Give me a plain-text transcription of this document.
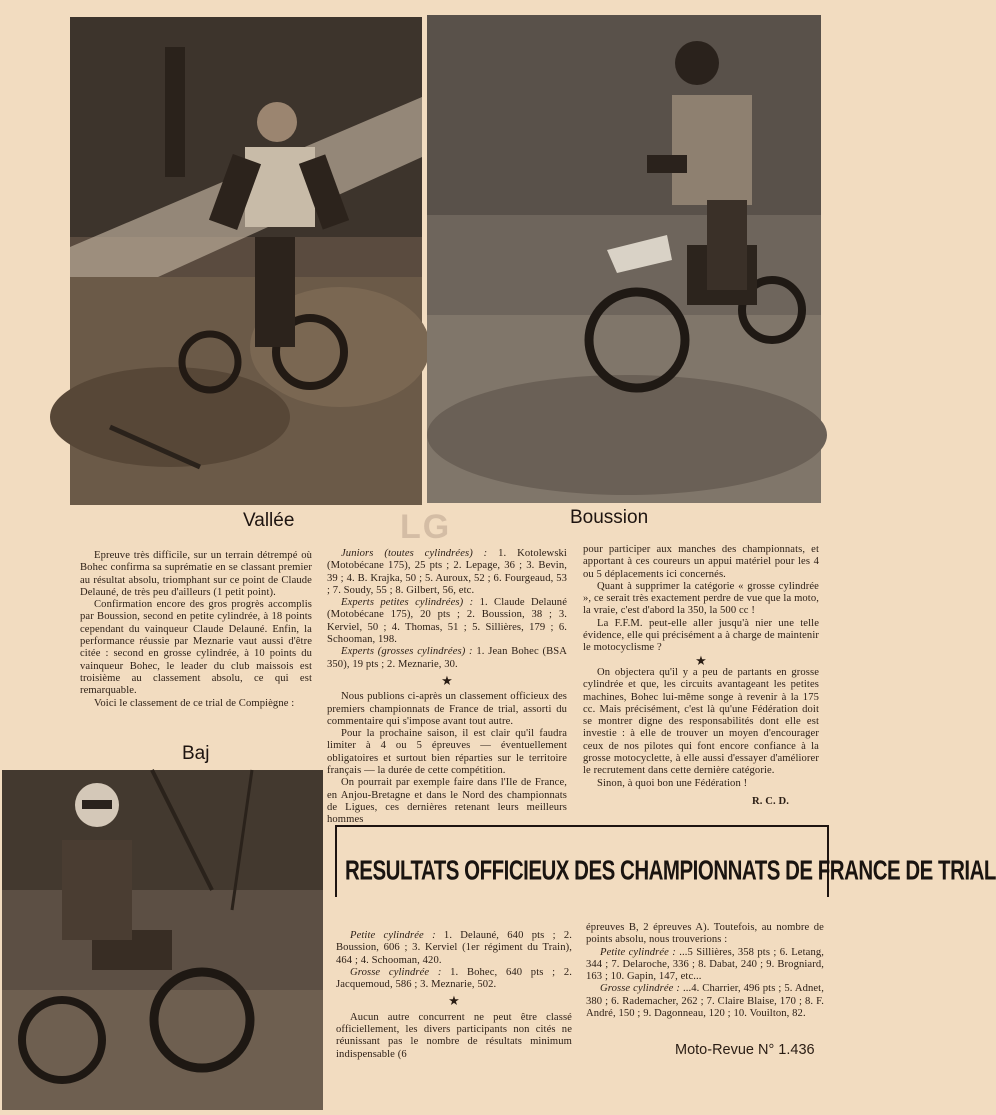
Vallée	Boussion
LG

Epreuve très difficile, sur un terrain détrempé où Bohec confirma sa suprématie en se classant premier au résultat absolu, triomphant sur ce point de Claude Delauné, de très peu d'ailleurs (1 petit point).

Confirmation encore des gros progrès accomplis par Boussion, second en petite cylindrée, à 18 points cependant du vainqueur Claude Delauné. Enfin, la performance réussie par Meznarie vaut aussi d'être citée : second en grosse cylindrée, à 10 points du vainqueur Bohec, le leader du club maissois est troisième au classement absolu, ce qui est remarquable.

Voici le classement de ce trial de Compiègne :

Baj

Juniors (toutes cylindrées) : 1. Kotolewski (Motobécane 175), 25 pts ; 2. Lepage, 36 ; 3. Bevin, 39 ; 4. B. Krajka, 50 ; 5. Auroux, 52 ; 6. Fourgeaud, 53 ; 7. Soudy, 55 ; 8. Gilbert, 56, etc.

Experts petites cylindrées) : 1. Claude Delauné (Motobécane 175), 20 pts ; 2. Boussion, 38 ; 3. Kerviel, 50 ; 4. Thomas, 51 ; 5. Sillières, 179 ; 6. Schooman, 198.

Experts (grosses cylindrées) : 1. Jean Bohec (BSA 350), 19 pts ; 2. Meznarie, 30.

★

Nous publions ci-après un classement officieux des premiers championnats de France de trial, assorti du commentaire qui s'impose avant tout autre.

Pour la prochaine saison, il est clair qu'il faudra limiter à 4 ou 5 épreuves — éventuellement obligatoires et surtout bien réparties sur le territoire français — la durée de cette compétition.

On pourrait par exemple faire dans l'Ile de France, en Anjou-Bretagne et dans le Nord des championnats de Ligues, ces dernières retenant leurs meilleurs hommes

pour participer aux manches des championnats, et apportant à ces coureurs un appui matériel pour les 4 ou 5 déplacements ici concernés.

Quant à supprimer la catégorie « grosse cylindrée », ce serait très exactement perdre de vue que la moto, la vraie, c'est d'abord la 350, la 500 cc !

La F.F.M. peut-elle aller jusqu'à nier une telle évidence, elle qui précisément a à charge de maintenir le motocyclisme ?

★

On objectera qu'il y a peu de partants en grosse cylindrée et que, les circuits avantageant les petites machines, Bohec lui-même songe à revenir à la 175 cc. Mais précisément, c'est là qu'une Fédération doit se montrer digne des responsabilités dont elle est investie : à elle de trouver un moyen d'encourager ceux de nos pilotes qui font encore confiance à la grosse motocyclette, à elle aussi d'essayer d'améliorer le recrutement dans cette dernière catégorie.

Sinon, à quoi bon une Fédération !

R. C. D.

RESULTATS OFFICIEUX DES CHAMPIONNATS DE FRANCE DE TRIAL

Petite cylindrée : 1. Delauné, 640 pts ; 2. Boussion, 606 ; 3. Kerviel (1er régiment du Train), 464 ; 4. Schooman, 420.

Grosse cylindrée : 1. Bohec, 640 pts ; 2. Jacquemoud, 586 ; 3. Meznarie, 502.

★

Aucun autre concurrent ne peut être classé officiellement, les divers participants non cités ne réunissant pas le nombre de résultats minimum indispensable (6

épreuves B, 2 épreuves A). Toutefois, au nombre de points absolu, nous trouverions :

Petite cylindrée : ...5 Sillières, 358 pts ; 6. Letang, 344 ; 7. Delaroche, 336 ; 8. Dabat, 240 ; 9. Brogniard, 163 ; 10. Gapin, 147, etc...

Grosse cylindrée : ...4. Charrier, 496 pts ; 5. Adnet, 380 ; 6. Rademacher, 262 ; 7. Claire Blaise, 170 ; 8. F. André, 150 ; 9. Dagonneau, 120 ; 10. Vouilton, 82.

Moto-Revue N° 1.436
